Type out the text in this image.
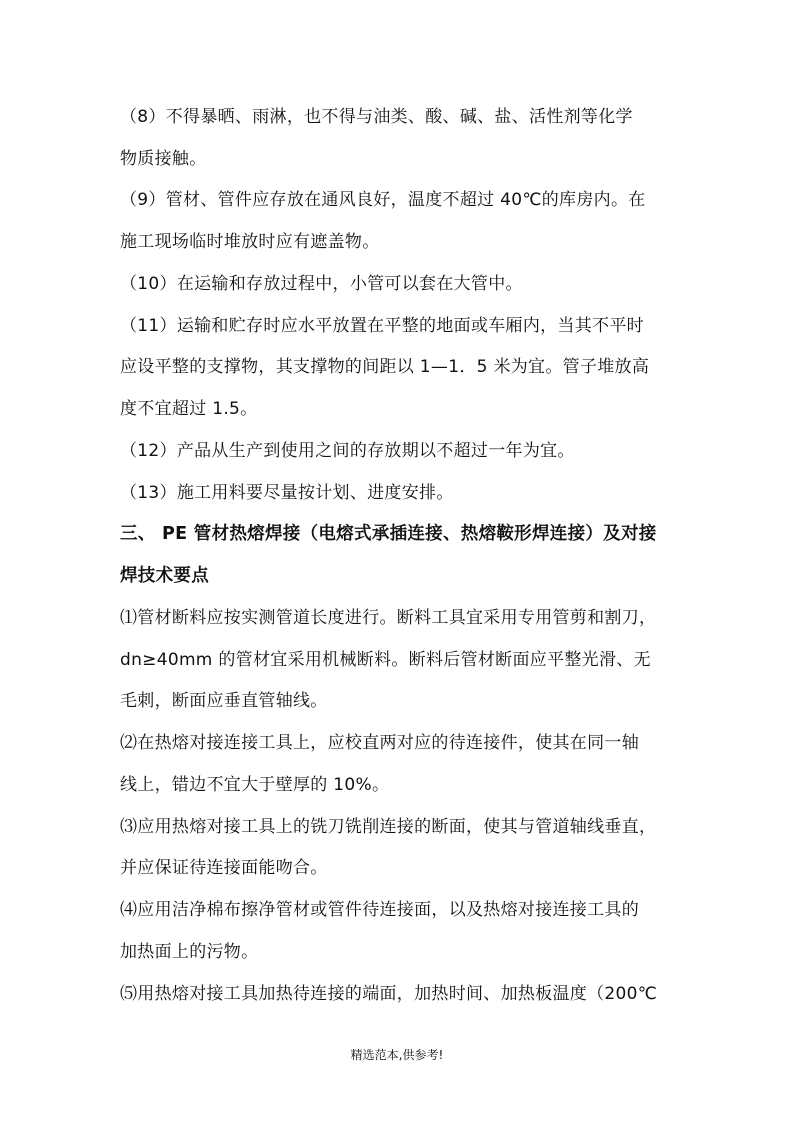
（8）不得暴晒、雨淋，也不得与油类、酸、碱、盐、活性剂等化学
物质接触。
（9）管材、管件应存放在通风良好，温度不超过 40℃的库房内。在
施工现场临时堆放时应有遮盖物。
（10）在运输和存放过程中，小管可以套在大管中。
（11）运输和贮存时应水平放置在平整的地面或车厢内，当其不平时
应设平整的支撑物，其支撑物的间距以 1—1．5 米为宜。管子堆放高
度不宜超过 1.5。
（12）产品从生产到使用之间的存放期以不超过一年为宜。
（13）施工用料要尽量按计划、进度安排。
三、 PE 管材热熔焊接（电熔式承插连接、热熔鞍形焊连接）及对接
焊技术要点
⑴管材断料应按实测管道长度进行。断料工具宜采用专用管剪和割刀，
dn≥40mm 的管材宜采用机械断料。断料后管材断面应平整光滑、无
毛刺，断面应垂直管轴线。
⑵在热熔对接连接工具上，应校直两对应的待连接件，使其在同一轴
线上，错边不宜大于壁厚的 10%。
⑶应用热熔对接工具上的铣刀铣削连接的断面，使其与管道轴线垂直，
并应保证待连接面能吻合。
⑷应用洁净棉布擦净管材或管件待连接面，以及热熔对接连接工具的
加热面上的污物。
⑸用热熔对接工具加热待连接的端面，加热时间、加热板温度（200℃
精选范本,供参考!
